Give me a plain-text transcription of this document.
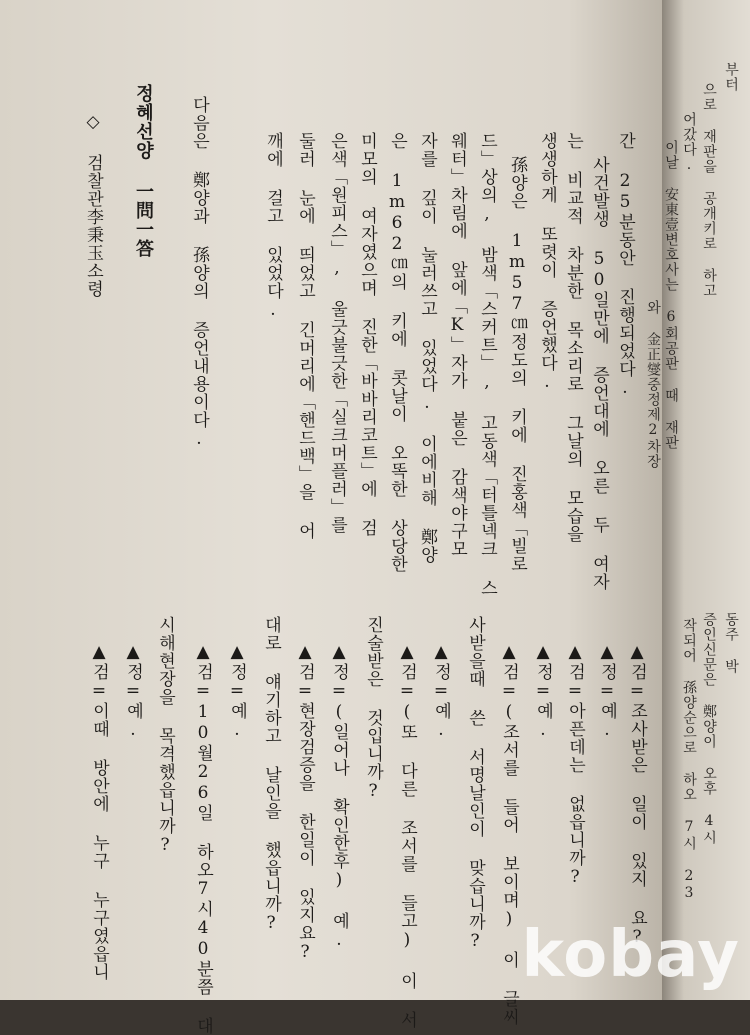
간 25분동안 진행되었다.
사건발생 50일만에 증언대에 오른 두 여자
는 비교적 차분한 목소리로 그날의 모습을
생생하게 또렷이 증언했다.
孫양은 1m57㎝정도의 키에 진홍색「빌로
드」상의, 밤색「스커트」, 고동색「터틀넥크 스
웨터」차림에 앞에「K」자가 붙은 감색야구모
자를 깊이 눌러쓰고 있었다. 이에비해 鄭양
은 1m62㎝의 키에 콧날이 오똑한 상당한
미모의 여자였으며 진한「바바리코트」에 검
은색「원피스」, 울긋불긋한「실크머플러」를
둘러 눈에 띄었고 긴머리에「핸드백」을 어
깨에 걸고 있었다.
다음은 鄭양과 孫양의 증언내용이다.
정혜선양 一問一答
◇ 검찰관李秉玉소령
▲검=조사받은 일이 있지 요?
▲정=예.
▲검=아픈데는 없읍니까?
▲정=예.
▲검=(조서를 들어 보이며) 이 글씨
사받을때 쓴 서명날인이 맞습니까?
▲정=예.
▲검=(또 다른 조서를 들고) 이 서
진술받은 것입니까?
▲정=(일어나 확인한후) 예.
▲검=현장검증을 한일이 있지요?
대로 얘기하고 날인을 했읍니까?
▲정=예.
▲검=10월26일 하오7시40분쯤 대
▲정=예. 시해현장을 목격했읍니까?
▲검=이때 방안에 누구 누구였읍니
부터
으로 재판을 공개키로 하고
어갔다.
이날 安東壹변호사는 6회공판 때 재판
와 金正燮중정제2차장
동주 박
증인신문은 鄭양이 오후 4시
작되어 孫양순으로 하오 7시 23
kobay
